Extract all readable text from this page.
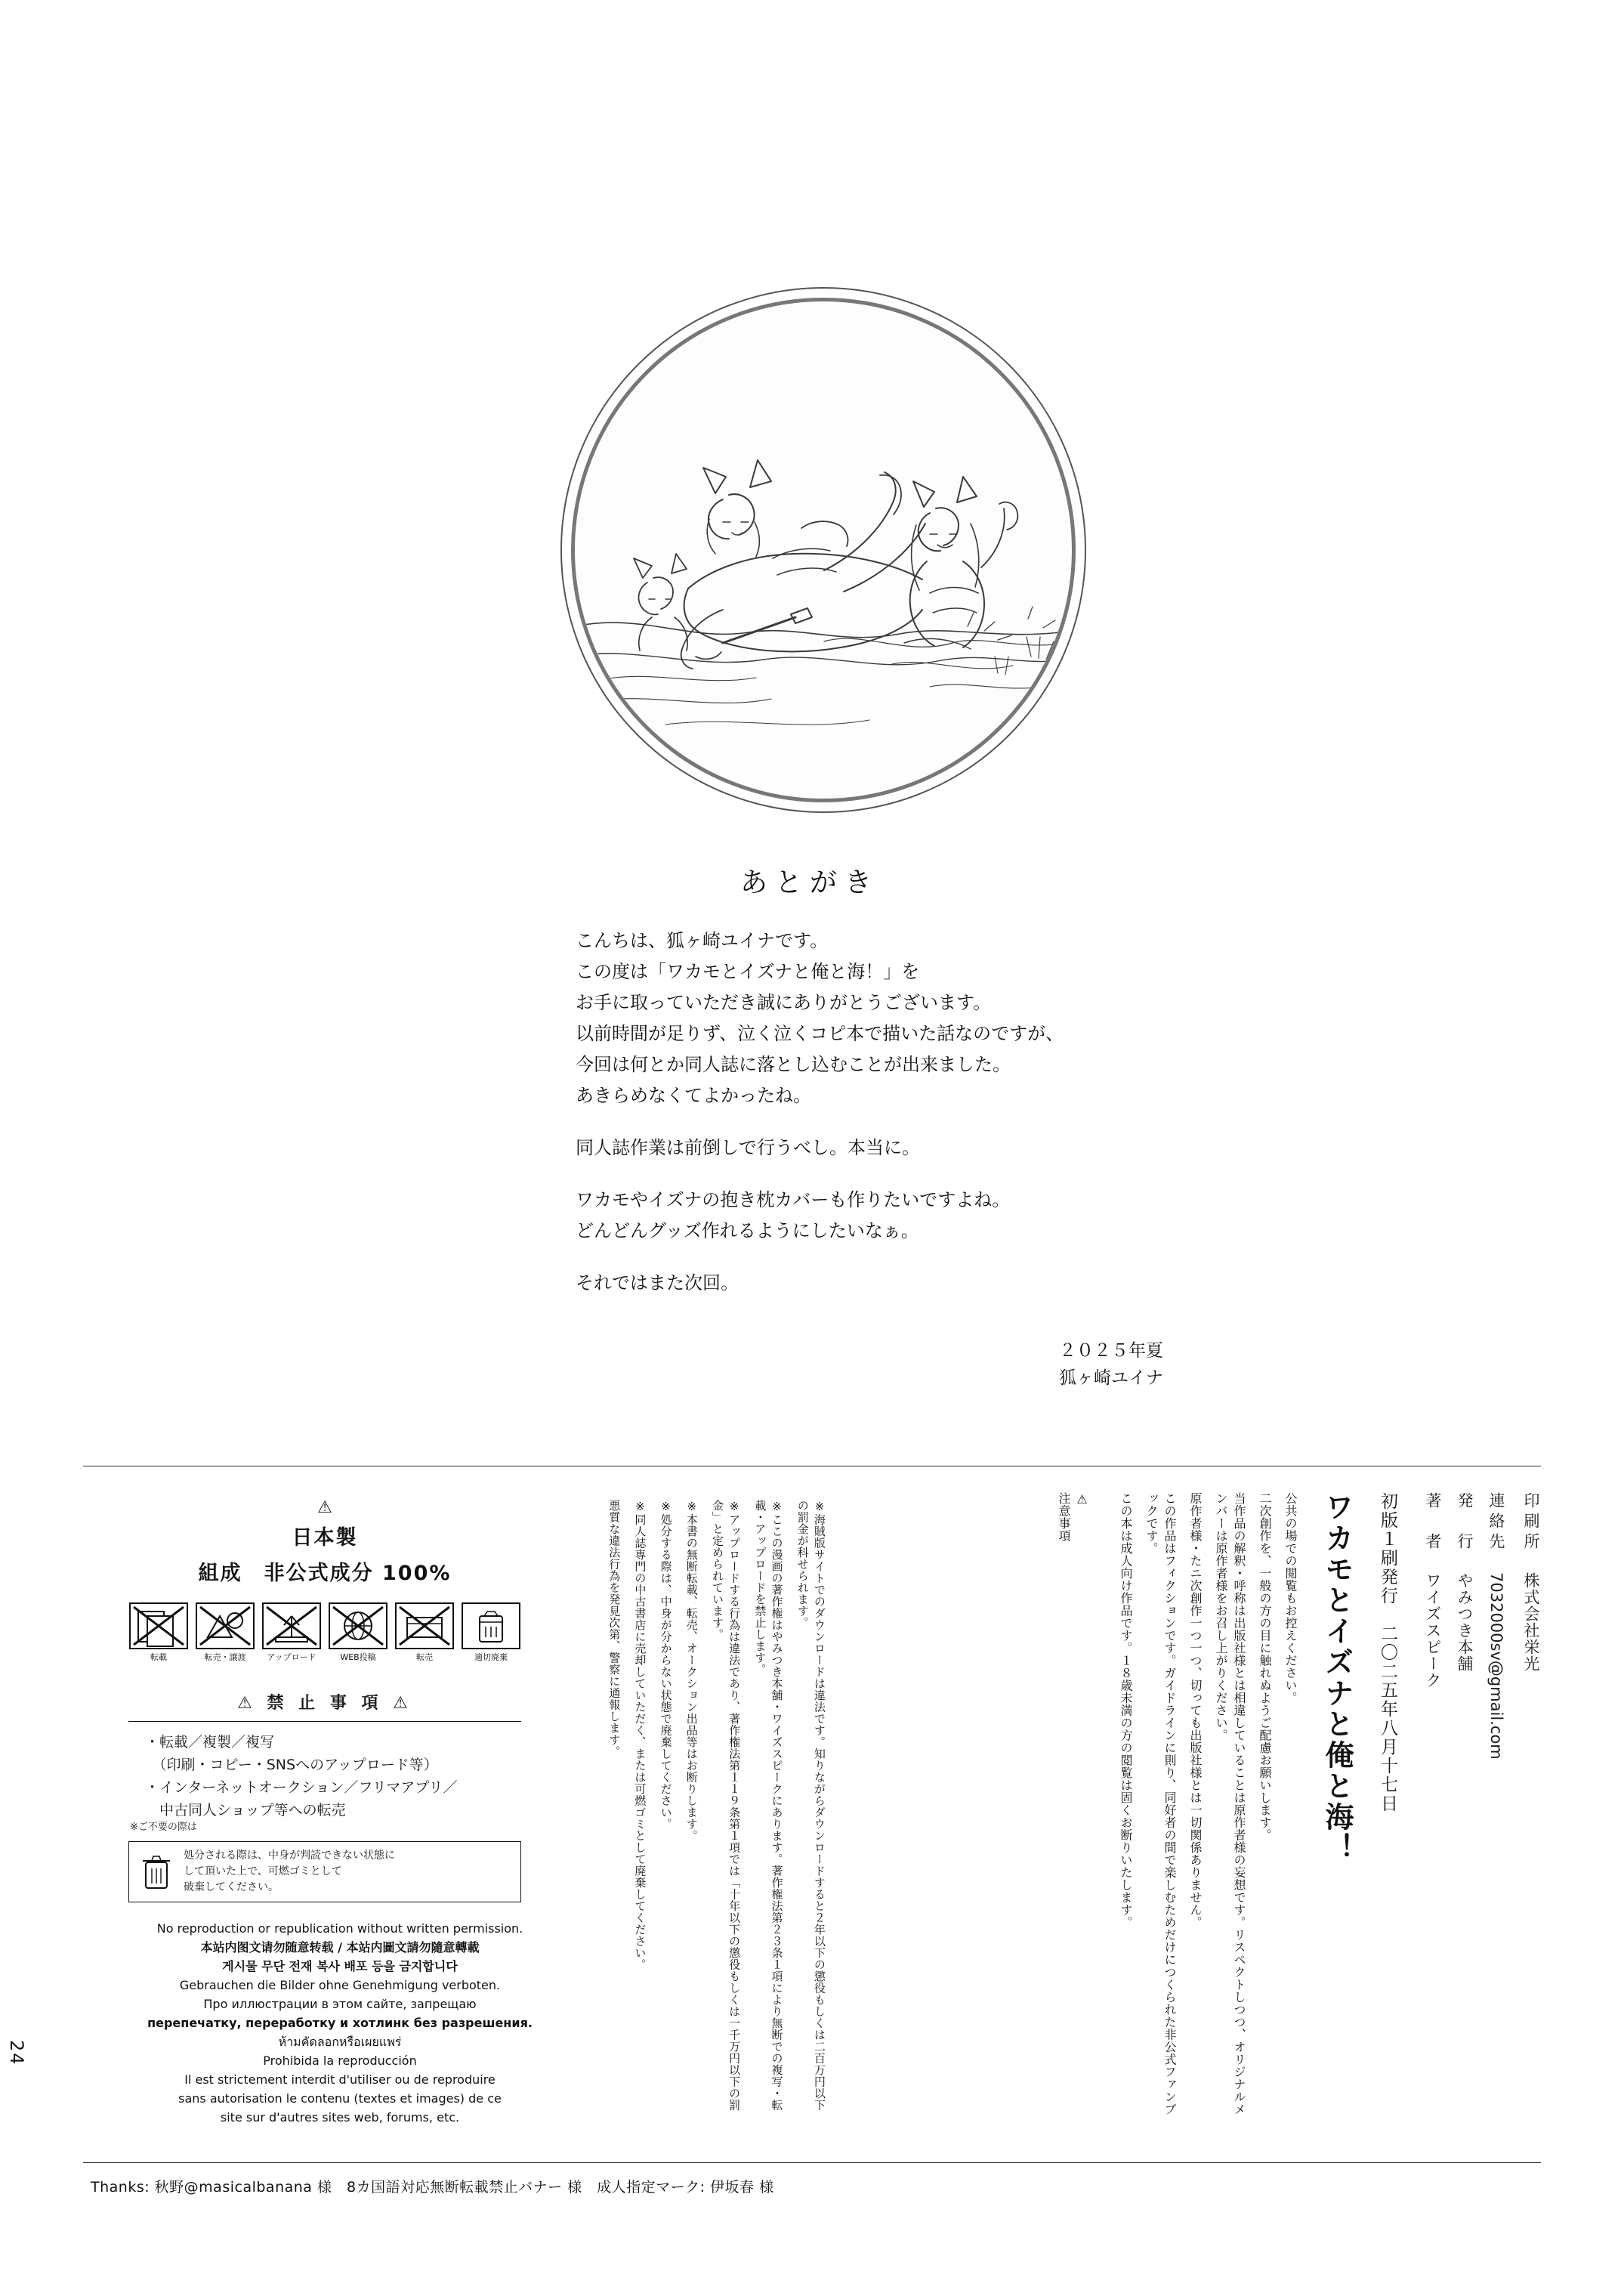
あとがき

こんちは、狐ヶ崎ユイナです。
この度は「ワカモとイズナと俺と海！」を
お手に取っていただき誠にありがとうございます。
以前時間が足りず、泣く泣くコピ本で描いた話なのですが、
今回は何とか同人誌に落とし込むことが出来ました。
あきらめなくてよかったね。

同人誌作業は前倒しで行うべし。本当に。

ワカモやイズナの抱き枕カバーも作りたいですよね。
どんどんグッズ作れるようにしたいなぁ。

それではまた次回。

２０２５年夏
狐ヶ崎ユイナ
ワカモとイズナと俺と海！ 初版１刷発行　二〇二五年八月十七日 著　者 ワイズスピーク
発　行 やみつき本舗
連絡先 7032000sv@gmail.com
印刷所 株式会社栄光

⚠
注意事項	この本は成人向け作品です。１８歳未満の方の閲覧は固くお断りいたします。	この作品はフィクションです。ガイドラインに則り、同好者の間で楽しむためだけにつくられた非公式ファンブックです。	原作者様・たニ次創作一つ一つ、切っても出版社様とは一切関係ありません。	当作品の解釈・呼称は出版社様とは相違していることは原作者様の妄想です。リスペクトしつつ、オリジナルメンバーは原作者様をお召し上がりください。	二次創作を、一般の方の目に触れぬようご配慮お願いします。 公共の場での閲覧もお控えください。
※海賊版サイトでのダウンロードは違法です。知りながらダウンロードすると２年以下の懲役もしくは二百万円以下の罰金が科せられます。
※ここの漫画の著作権はやみつき本舗・ワイズスピークにあります。著作権法第２３条１項により無断での複写・転載・アップロードを禁止します。
※アップロードする行為は違法であり、著作権法第１１９条第１項では「十年以下の懲役もしくは一千万円以下の罰金」と定められています。
※本書の無断転載、転売、オークション出品等はお断りします。
※処分する際は、中身が分からない状態で廃棄してください。
※同人誌専門の中古書店に売却していただく、または可燃ゴミとして廃棄してください。
悪質な違法行為を発見次第、警察に通報します。
⚠
日本製
組成　非公式成分 100%
転載	転売・譲渡	アップロード	WEB投稿	転売	適切廃棄
⚠ 禁 止 事 項 ⚠
・転載／複製／複写
　（印刷・コピー・SNSへのアップロード等）
・インターネットオークション／フリマアプリ／
　中古同人ショップ等への転売
※ご不要の際は
処分される際は、中身が判読できない状態に
して頂いた上で、可燃ゴミとして
破棄してください。
No reproduction or republication without written permission.
本站内图文请勿随意转载 / 本站内圖文請勿隨意轉載
게시물 무단 전재 복사 배포 등을 금지합니다
Gebrauchen die Bilder ohne Genehmigung verboten.
Про иллюстрации в этом сайте, запрещаю
перепечатку, переработку и хотлинк без разрешения.
ห้ามคัดลอกหรือเผยแพร่
Prohibida la reproducción
Il est strictement interdit d'utiliser ou de reproduire
sans autorisation le contenu (textes et images) de ce
site sur d'autres sites web, forums, etc.
24
Thanks: 秋野@masicalbanana 様　8カ国語対応無断転載禁止バナー 様　成人指定マーク: 伊坂春 様
